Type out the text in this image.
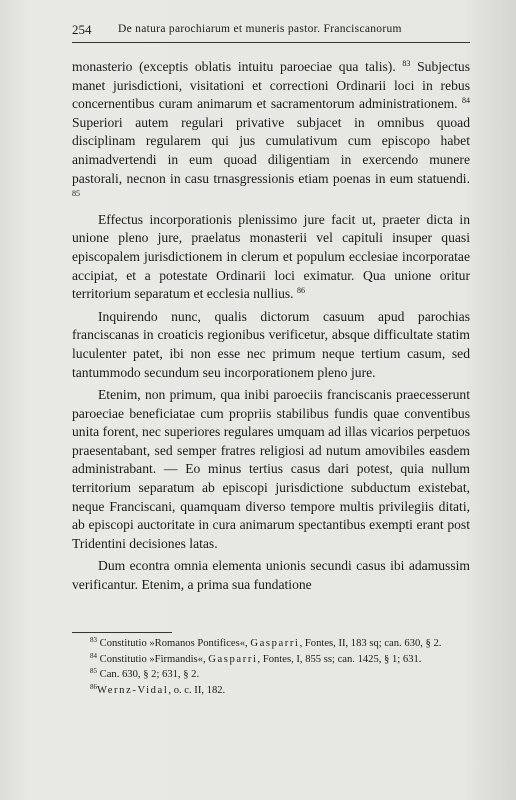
254 De natura parochiarum et muneris pastor. Franciscanorum

monasterio (exceptis oblatis intuitu paroeciae qua talis). $^{83}$ Subjectus manet jurisdictioni, visitationi et correctioni Ordinarii loci in rebus concernentibus curam animarum et sacramentorum administrationem. $^{84}$ Superiori autem regulari privative subjacet in omnibus quoad disciplinam regularem qui jus cumulativum cum episcopo habet animadvertendi in eum quoad diligentiam in exercendo munere pastorali, necnon in casu trnasgressionis etiam poenas in eum statuendi. $^{85}$

Effectus incorporationis plenissimo jure facit ut, praeter dicta in unione pleno jure, praelatus monasterii vel capituli insuper quasi episcopalem jurisdictionem in clerum et populum ecclesiae incorporatae accipiat, et a potestate Ordinarii loci eximatur. Qua unione oritur territorium separatum et ecclesia nullius. $^{86}$

Inquirendo nunc, qualis dictorum casuum apud parochias franciscanas in croaticis regionibus verificetur, absque difficultate statim luculenter patet, ibi non esse nec primum neque tertium casum, sed tantummodo secundum seu incorporationem pleno jure.

Etenim, non primum, qua inibi paroeciis franciscanis praecesserunt paroeciae beneficiatae cum propriis stabilibus fundis quae conventibus unita forent, nec superiores regulares umquam ad illas vicarios perpetuos praesentabant, sed semper fratres religiosi ad nutum amovibiles easdem administrabant. — Eo minus tertius casus dari potest, quia nullum territorium separatum ab episcopi jurisdictione subductum existebat, neque Franciscani, quamquam diverso tempore multis privilegiis ditati, ab episcopi auctoritate in cura animarum spectantibus exempti erant post Tridentini decisiones latas.

Dum econtra omnia elementa unionis secundi casus ibi adamussim verificantur. Etenim, a prima sua fundatione

$^{83}$ Constitutio »Romanos Pontifices«, Gasparri, Fontes, II, 183 sq; can. 630, § 2.

$^{84}$ Constitutio »Firmandis«, Gasparri, Fontes, I, 855 ss; can. 1425, § 1; 631.

$^{85}$ Can. 630, § 2; 631, § 2.

$^{86}$Wernz-Vidal, o. c. II, 182.
